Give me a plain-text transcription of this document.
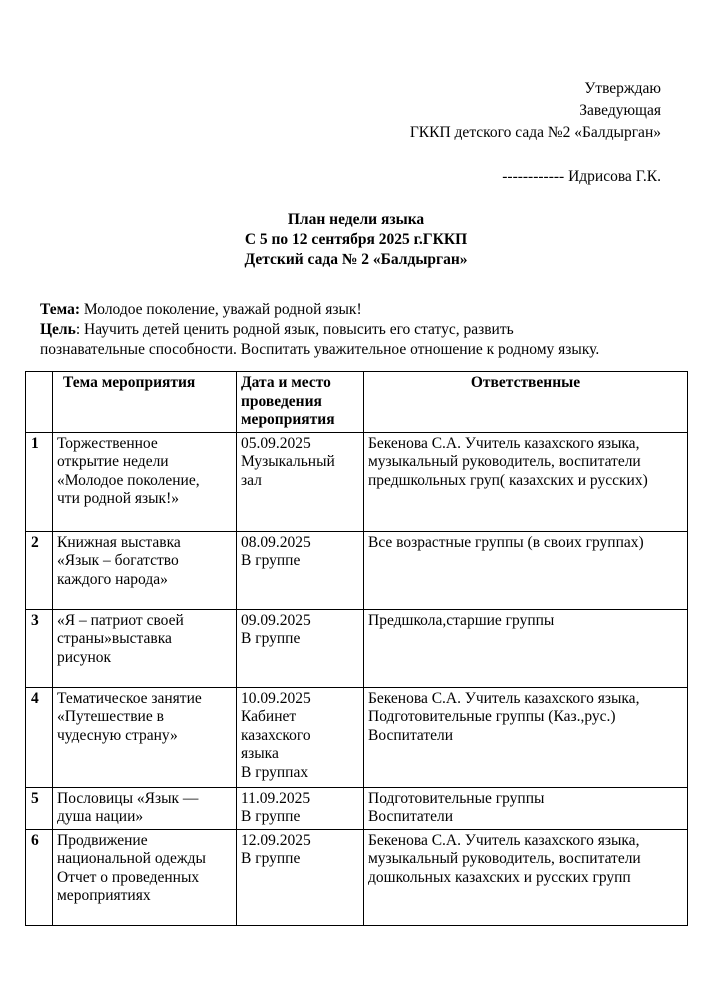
Утверждаю
Заведующая
ГККП детского сада №2 «Балдырган»
------------ Идрисова Г.К.
План недели языка
С 5 по 12 сентября 2025 г.ГККП
Детский сада № 2 «Балдырган»
Тема: Молодое поколение, уважай родной язык!
Цель: Научить детей ценить родной язык, повысить его статус, развить
познавательные способности. Воспитать уважительное отношение к родному языку.
	Тема мероприятия	Дата и место
проведения
мероприятия	Ответственные
1	Торжественное
открытие недели
«Молодое поколение,
чти родной язык!»	05.09.2025
Музыкальный
зал	Бекенова С.А. Учитель казахского языка,
музыкальный руководитель, воспитатели
предшкольных груп( казахских и русских)
2	Книжная выставка
«Язык – богатство
каждого народа»	08.09.2025
В группе	Все возрастные группы (в своих группах)
3	«Я – патриот своей
страны»выставка
рисунок	09.09.2025
В группе	Предшкола,старшие группы
4	Тематическое занятие
«Путешествие в
чудесную страну»	10.09.2025
Кабинет
казахского
языка
В группах	Бекенова С.А. Учитель казахского языка,
Подготовительные группы (Каз.,рус.)
Воспитатели
5	Пословицы «Язык —
душа нации»	11.09.2025
В группе	Подготовительные группы
Воспитатели
6	Продвижение
национальной одежды
Отчет о проведенных
мероприятиях	12.09.2025
В группе	Бекенова С.А. Учитель казахского языка,
музыкальный руководитель, воспитатели
дошкольных казахских и русских групп
